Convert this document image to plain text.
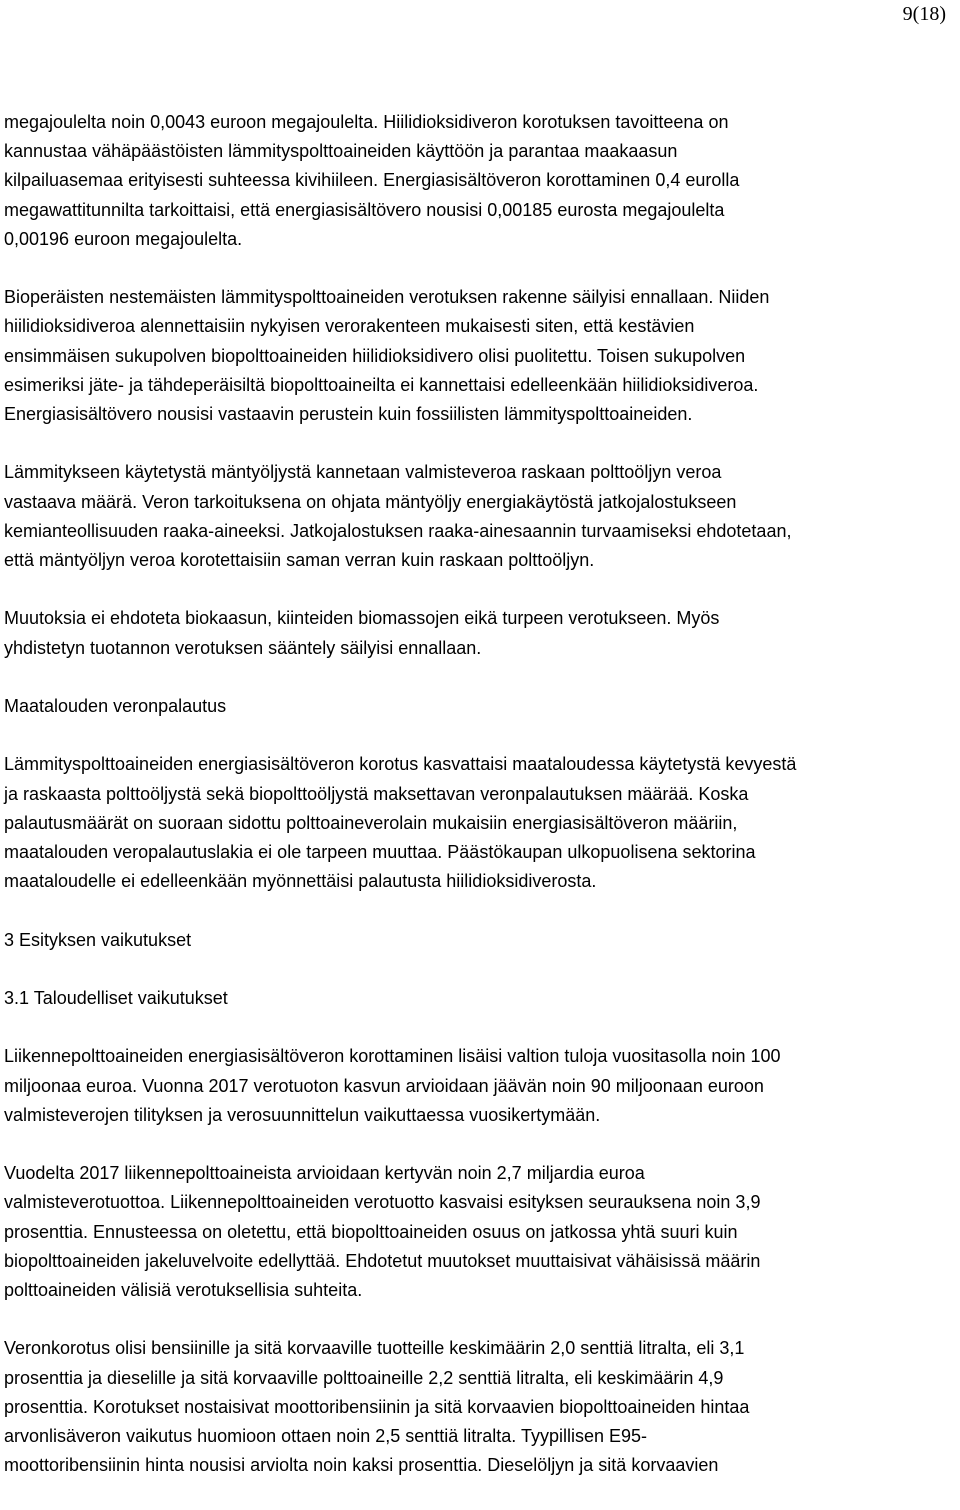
9(18)
megajoulelta noin 0,0043 euroon megajoulelta. Hiilidioksidiveron korotuksen tavoitteena on
kannustaa vähäpäästöisten lämmityspolttoaineiden käyttöön ja parantaa maakaasun
kilpailuasemaa erityisesti suhteessa kivihiileen. Energiasisältöveron korottaminen 0,4 eurolla
megawattitunnilta tarkoittaisi, että energiasisältövero nousisi 0,00185 eurosta megajoulelta
0,00196 euroon megajoulelta.
Bioperäisten nestemäisten lämmityspolttoaineiden verotuksen rakenne säilyisi ennallaan. Niiden
hiilidioksidiveroa alennettaisiin nykyisen verorakenteen mukaisesti siten, että kestävien
ensimmäisen sukupolven biopolttoaineiden hiilidioksidivero olisi puolitettu. Toisen sukupolven
esimeriksi jäte- ja tähdeperäisiltä biopolttoaineilta ei kannettaisi edelleenkään hiilidioksidiveroa.
Energiasisältövero nousisi vastaavin perustein kuin fossiilisten lämmityspolttoaineiden.
Lämmitykseen käytetystä mäntyöljystä kannetaan valmisteveroa raskaan polttoöljyn veroa
vastaava määrä. Veron tarkoituksena on ohjata mäntyöljy energiakäytöstä jatkojalostukseen
kemianteollisuuden raaka-aineeksi. Jatkojalostuksen raaka-ainesaannin turvaamiseksi ehdotetaan,
että mäntyöljyn veroa korotettaisiin saman verran kuin raskaan polttoöljyn.
Muutoksia ei ehdoteta biokaasun, kiinteiden biomassojen eikä turpeen verotukseen. Myös
yhdistetyn tuotannon verotuksen sääntely säilyisi ennallaan.
Maatalouden veronpalautus
Lämmityspolttoaineiden energiasisältöveron korotus kasvattaisi maataloudessa käytetystä kevyestä
ja raskaasta polttoöljystä sekä biopolttoöljystä maksettavan veronpalautuksen määrää. Koska
palautusmäärät on suoraan sidottu polttoaineverolain mukaisiin energiasisältöveron määriin,
maatalouden veropalautuslakia ei ole tarpeen muuttaa. Päästökaupan ulkopuolisena sektorina
maataloudelle ei edelleenkään myönnettäisi palautusta hiilidioksidiverosta.
3 Esityksen vaikutukset
3.1 Taloudelliset vaikutukset
Liikennepolttoaineiden energiasisältöveron korottaminen lisäisi valtion tuloja vuositasolla noin 100
miljoonaa euroa. Vuonna 2017 verotuoton kasvun arvioidaan jäävän noin 90 miljoonaan euroon
valmisteverojen tilityksen ja verosuunnittelun vaikuttaessa vuosikertymään.
Vuodelta 2017 liikennepolttoaineista arvioidaan kertyvän noin 2,7 miljardia euroa
valmisteverotuottoa. Liikennepolttoaineiden verotuotto kasvaisi esityksen seurauksena noin 3,9
prosenttia. Ennusteessa on oletettu, että biopolttoaineiden osuus on jatkossa yhtä suuri kuin
biopolttoaineiden jakeluvelvoite edellyttää. Ehdotetut muutokset muuttaisivat vähäisissä määrin
polttoaineiden välisiä verotuksellisia suhteita.
Veronkorotus olisi bensiinille ja sitä korvaaville tuotteille keskimäärin 2,0 senttiä litralta, eli 3,1
prosenttia ja dieselille ja sitä korvaaville polttoaineille 2,2 senttiä litralta, eli keskimäärin 4,9
prosenttia. Korotukset nostaisivat moottoribensiinin ja sitä korvaavien biopolttoaineiden hintaa
arvonlisäveron vaikutus huomioon ottaen noin 2,5 senttiä litralta. Tyypillisen E95-
moottoribensiinin hinta nousisi arviolta noin kaksi prosenttia. Dieselöljyn ja sitä korvaavien
